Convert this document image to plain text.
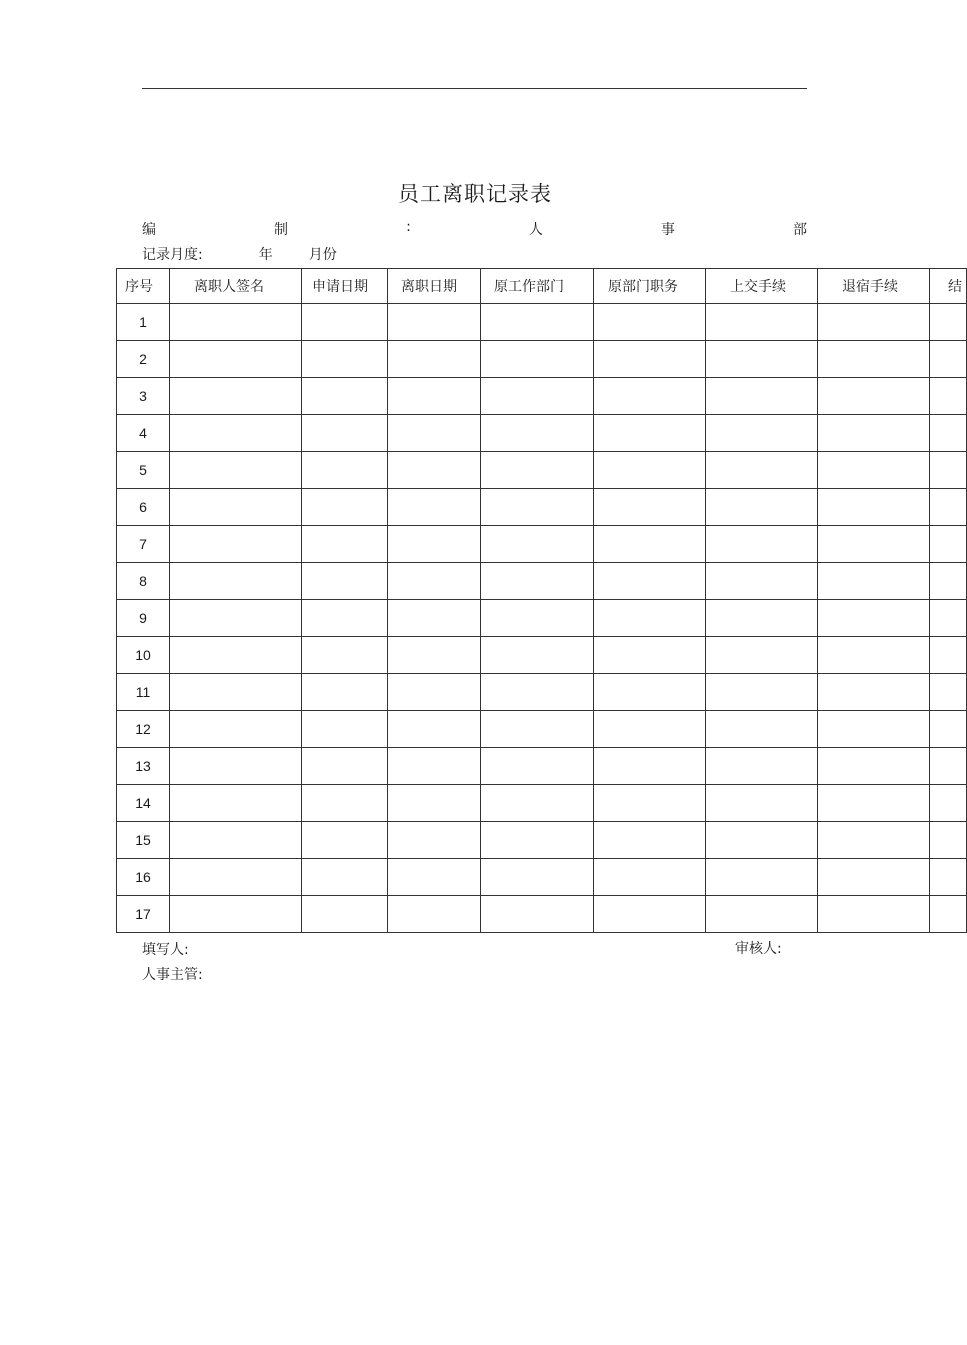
员工离职记录表
编	制	:	人	事	部
记录月度:	年	月份
序号	离职人签名	申请日期	离职日期	原工作部门	原部门职务	上交手续	退宿手续	结
1								
2								
3								
4								
5								
6								
7								
8								
9								
10								
11								
12								
13								
14								
15								
16								
17								
填写人:
人事主管:
审核人:
